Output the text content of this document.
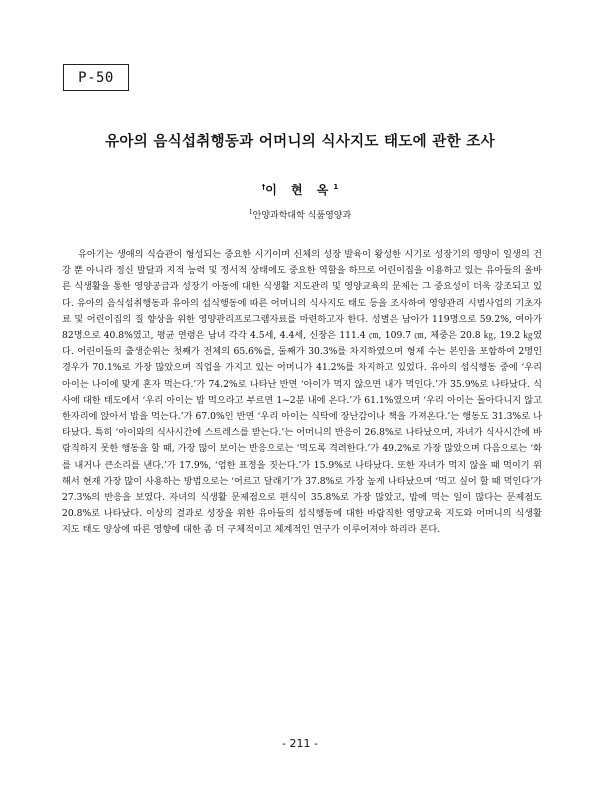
P-50
유아의 음식섭취행동과 어머니의 식사지도 태도에 관한 조사
†이 현 옥$^1$
$^1$안양과학대학 식품영양과

유아기는 생애의 식습관이 형성되는 중요한 시기이며 신체의 성장 발육이 왕성한 시기로 성장기의 영양이 일생의 건강 뿐 아니라 정신 발달과 지적 능력 및 정서적 상태에도 중요한 역할을 하므로 어린이집을 이용하고 있는 유아들의 올바른 식생활을 통한 영양공급과 성장기 아동에 대한 식생활 지도관리 및 영양교육의 문제는 그 중요성이 더욱 강조되고 있다. 유아의 음식섭취행동과 유아의 섭식행동에 따른 어머니의 식사지도 태도 등을 조사하여 영양관리 시범사업의 기초자료 및 어린이집의 질 향상을 위한 영양관리프로그램자료를 마련하고자 한다. 성별은 남아가 119명으로 59.2%, 여아가 82명으로 40.8%였고, 평균 연령은 남녀 각각 4.5세, 4.4세, 신장은 111.4 ㎝, 109.7 ㎝, 체중은 20.8 ㎏, 19.2 ㎏였다. 어린이들의 출생순위는 첫째가 전체의 65.6%를, 둘째가 30.3%를 차지하였으며 형제 수는 본인을 포함하여 2명인 경우가 70.1%로 가장 많았으며 직업을 가지고 있는 어머니가 41.2%를 차지하고 있었다. 유아의 섭식행동 중에 ‘우리 아이는 나이에 맞게 혼자 먹는다.’가 74.2%로 나타난 반면 ‘아이가 먹지 않으면 내가 먹인다.’가 35.9%로 나타났다. 식사에 대한 태도에서 ‘우리 아이는 밥 먹으라고 부르면 1~2분 내에 온다.’가 61.1%였으며 ‘우리 아이는 돌아다니지 않고 한자리에 앉아서 밥을 먹는다.’가 67.0%인 반면 ‘우리 아이는 식탁에 장난감이나 책을 가져온다.’는 행동도 31.3%로 나타났다. 특히 ‘아이와의 식사시간에 스트레스를 받는다.’는 어머니의 반응이 26.8%로 나타났으며, 자녀가 식사시간에 바람직하지 못한 행동을 할 때, 가장 많이 보이는 반응으로는 ‘먹도록 격려한다.’가 49.2%로 가장 많았으며 다음으로는 ‘화를 내거나 큰소리를 낸다.’가 17.9%, ‘엄한 표정을 짓는다.’가 15.9%로 나타났다. 또한 자녀가 먹지 않을 때 먹이기 위해서 현재 가장 많이 사용하는 방법으로는 ‘어르고 달래기’가 37.8%로 가장 높게 나타났으며 ‘먹고 싶어 할 때 먹인다’가 27.3%의 반응을 보였다. 자녀의 식생활 문제점으로 편식이 35.8%로 가장 많았고, 밥에 먹는 일이 많다는 문제점도 20.8%로 나타났다. 이상의 결과로 성장을 위한 유아들의 섭식행동에 대한 바람직한 영양교육 지도와 어머니의 식생활 지도 태도 양상에 따른 영향에 대한 좀 더 구체적이고 체계적인 연구가 이루어져야 하리라 본다.

- 211 -
